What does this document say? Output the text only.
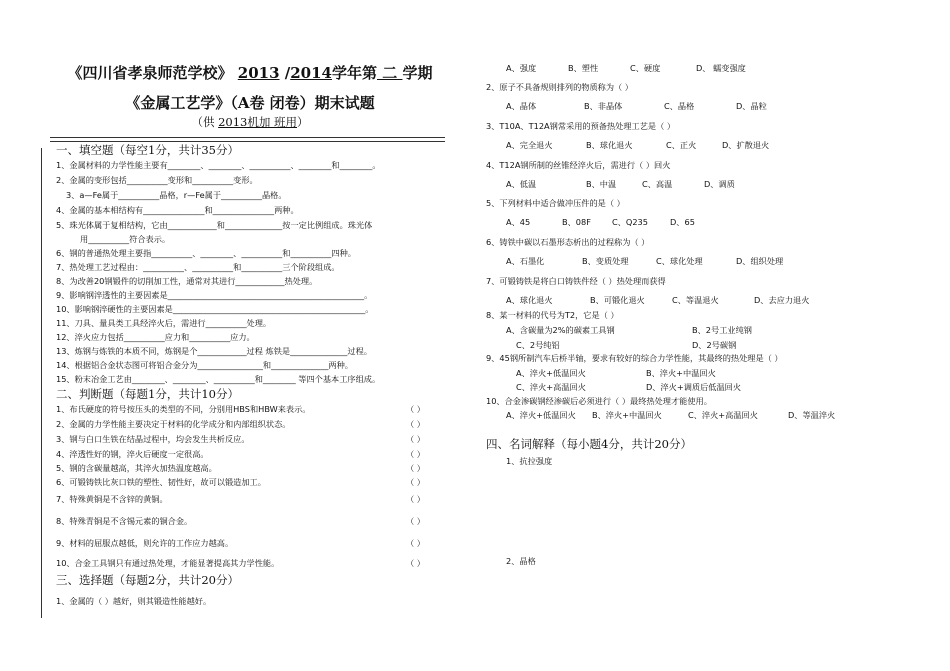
《四川省孝泉师范学校》 2013 /2014学年第 二 学期
《金属工艺学》（A卷 闭卷）期末试题
（供 2013机加 班用）
一、填空题（每空1分，共计35分）
1、金属材料的力学性能主要有________、________、__________、________和________。
2、金属的变形包括__________变形和__________变形。
3、a—Fe属于__________晶格，r—Fe属于__________晶格。
4、金属的基本相结构有_______________和_______________两种。
5、珠光体属于复相结构，它由____________和______________按一定比例组成。珠光体
用__________符合表示。
6、钢的普通热处理主要指__________、________、__________和__________四种。
7、热处理工艺过程由：__________、__________和__________三个阶段组成。
8、为改善20钢锻件的切削加工性，通常对其进行____________热处理。
9、影响钢淬透性的主要因素是________________________________________________。
10、影响钢淬硬性的主要因素是_______________________________________________。
11、刀具、量具类工具经淬火后，需进行__________处理。
12、淬火应力包括__________应力和__________应力。
13、炼钢与炼铁的本质不同，炼钢是个____________过程 炼铁是______________过程。
14、根据铝合金状态图可将铝合金分为________________和______________两种。
15、粉末冶金工艺由________、________、__________和________ 等四个基本工序组成。
二、判断题（每题1分，共计10分）
1、布氏硬度的符号按压头的类型的不同，分别用HBS和HBW来表示。	（ ）
2、金属的力学性能主要决定于材料的化学成分和内部组织状态。	（ ）
3、钢与白口生铁在结晶过程中，均会发生共析反应。	（ ）
4、淬透性好的钢，淬火后硬度一定很高。	（ ）
5、钢的含碳量越高，其淬火加热温度越高。	（ ）
6、可锻铸铁比灰口铁的塑性、韧性好，故可以锻造加工。	（ ）
7、特殊黄铜是不含锌的黄铜。	（ ）
8、特殊青铜是不含锡元素的铜合金。	（ ）
9、材料的屈服点越低，则允许的工作应力越高。	（ ）
10、合金工具钢只有通过热处理，才能显著提高其力学性能。	（ ）
三、选择题（每题2分，共计20分）
1、金属的（ ）越好，则其锻造性能越好。
A、强度	B、塑性	C、硬度	D、 蠕变强度
2、原子不具备规则排列的物质称为（ ）
A、晶体	B、非晶体	C、晶格	D、晶粒
3、T10A、T12A钢常采用的预备热处理工艺是（ ）
A、完全退火	B、球化退火	C、正火	D、扩散退火
4、T12A钢所制的丝锥经淬火后，需进行（ ）回火
A、低温	B、中温	C、高温	D、调质
5、下列材料中适合做冲压件的是（ ）
A、45	B、08F	C、Q235	D、65
6、铸铁中碳以石墨形态析出的过程称为（ ）
A、石墨化	B、变质处理	C、球化处理	D、组织处理
7、可锻铸铁是将白口铸铁件经（ ）热处理而获得
A、球化退火	B、可锻化退火	C、等温退火	D、去应力退火
8、某一材料的代号为T2，它是（ ）
A、含碳量为2%的碳素工具钢	B、2号工业纯钢
C、2号纯铝	D、2号碳钢
9、45钢所制汽车后桥半轴，要求有较好的综合力学性能，其最终的热处理是（ ）
A、淬火+低温回火	B、淬火+中温回火
C、淬火+高温回火	D、淬火+调质后低温回火
10、合金渗碳钢经渗碳后必须进行（ ）最终热处理才能使用。
A、淬火+低温回火 B、淬火+中温回火	C、淬火+高温回火	D、等温淬火
四、名词解释（每小题4分，共计20分）
1、抗拉强度
2、晶格
